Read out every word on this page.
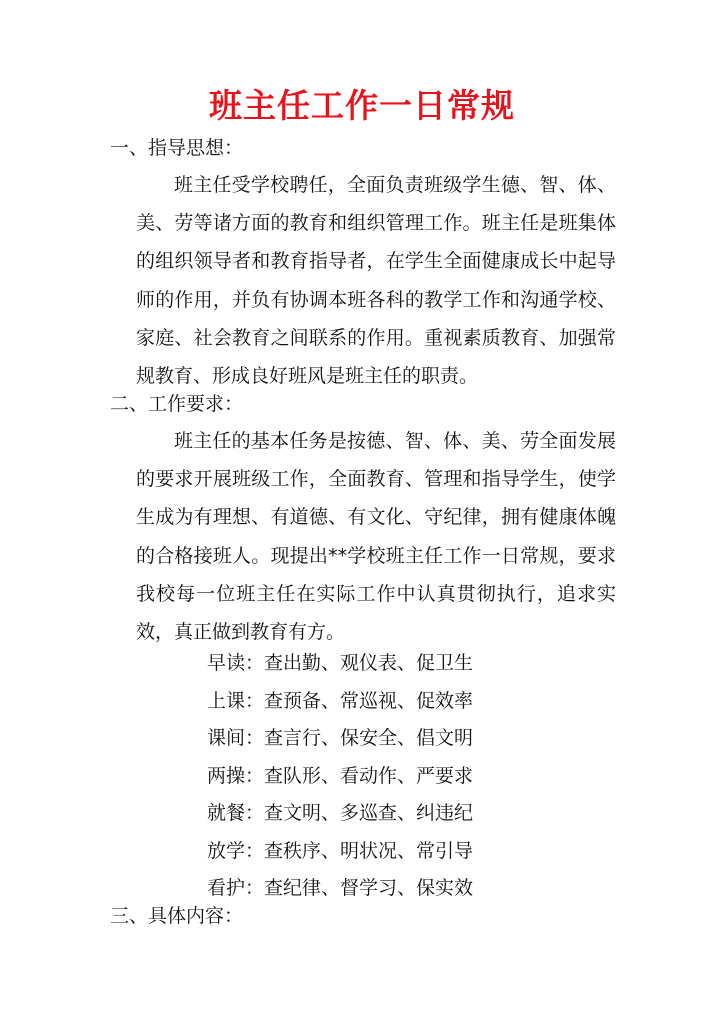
班主任工作一日常规
一、指导思想：
班主任受学校聘任，全面负责班级学生德、智、体、美、劳等诸方面的教育和组织管理工作。班主任是班集体的组织领导者和教育指导者，在学生全面健康成长中起导师的作用，并负有协调本班各科的教学工作和沟通学校、家庭、社会教育之间联系的作用。重视素质教育、加强常规教育、形成良好班风是班主任的职责。
二、工作要求：
班主任的基本任务是按德、智、体、美、劳全面发展的要求开展班级工作，全面教育、管理和指导学生，使学生成为有理想、有道德、有文化、守纪律，拥有健康体魄的合格接班人。现提出**学校班主任工作一日常规，要求我校每一位班主任在实际工作中认真贯彻执行，追求实效，真正做到教育有方。
早读：查出勤、观仪表、促卫生
上课：查预备、常巡视、促效率
课间：查言行、保安全、倡文明
两操：查队形、看动作、严要求
就餐：查文明、多巡查、纠违纪
放学：查秩序、明状况、常引导
看护：查纪律、督学习、保实效
三、具体内容：
